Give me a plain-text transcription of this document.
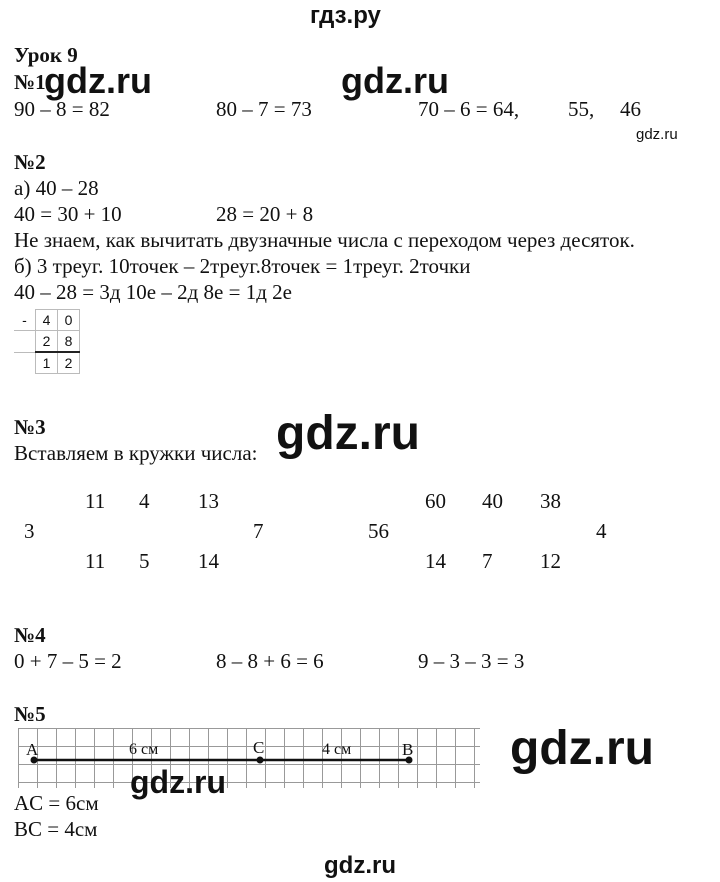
гдз.ру
Урок 9
№1
gdz.ru	gdz.ru
90 – 8 = 82	80 – 7 = 73	70 – 6 = 64, 55, 46
gdz.ru
№2
а) 40 – 28
40 = 30 + 10	28 = 20 + 8
Не знаем, как вычитать двузначные числа с переходом через десяток.
б) 3 треуг. 10точек – 2треуг.8точек = 1треуг. 2точки
40 – 28 = 3д 10е – 2д 8е = 1д 2е
-	4	0
	2	8
	1	2
№3
Вставляем в кружки числа: gdz.ru
11 4 13
3	7
11 5 14
60 40 38
56	4
14 7 12
№4
0 + 7 – 5 = 2	8 – 8 + 6 = 6	9 – 3 – 3 = 3
№5
A	C	B
6 см	4 см	gdz.ru
gdz.ru
AC = 6см
BC = 4см
gdz.ru
